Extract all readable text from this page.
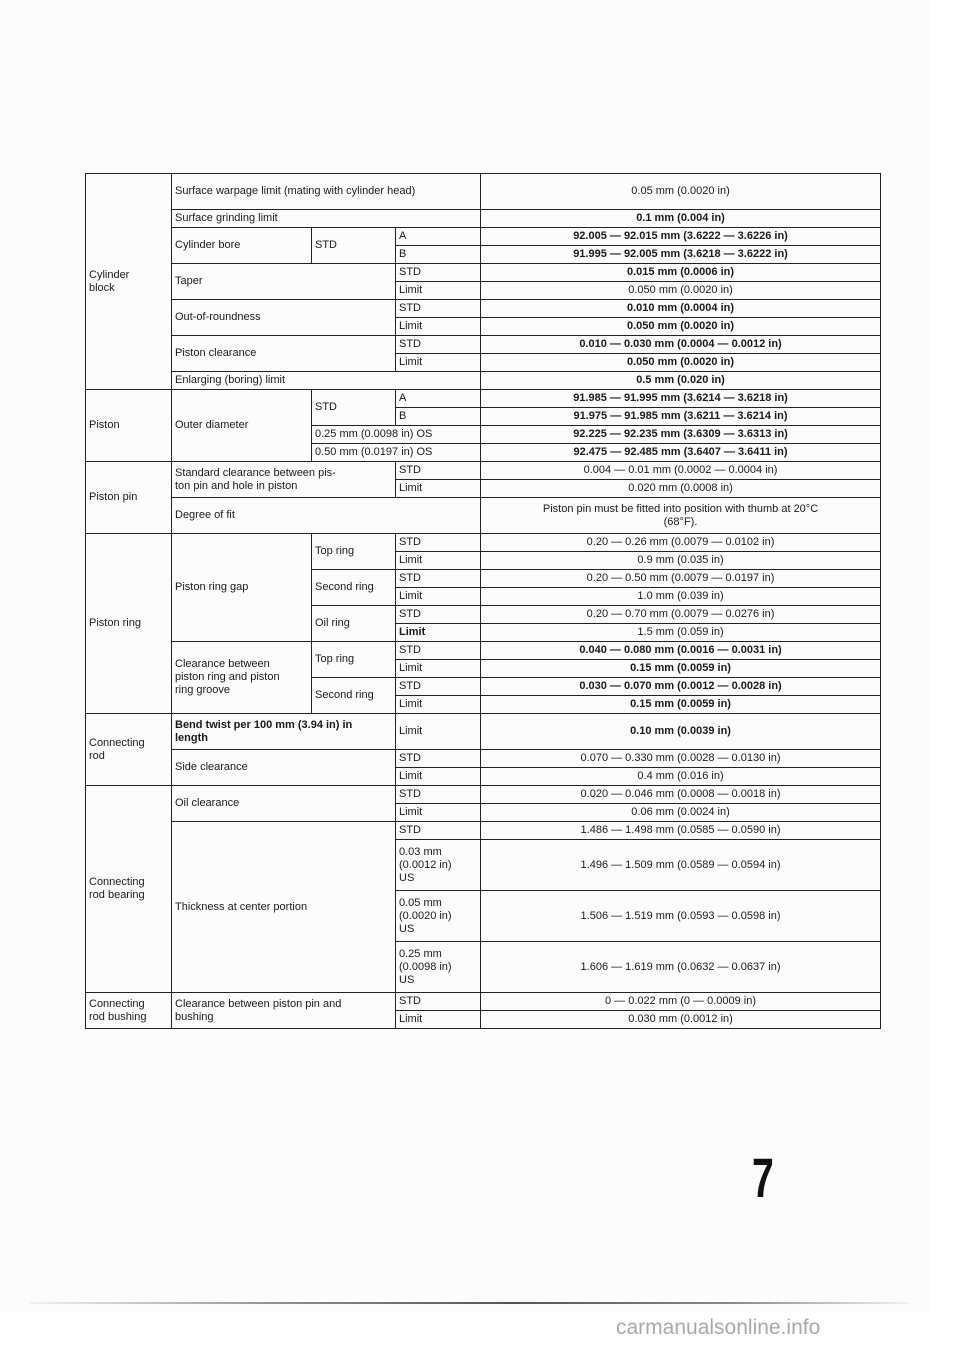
Cylinder
block	Surface warpage limit (mating with cylinder head)			0.05 mm (0.0020 in)
	Surface grinding limit			0.1 mm (0.004 in)
	Cylinder bore	STD	A	92.005 — 92.015 mm (3.6222 — 3.6226 in)
			B	91.995 — 92.005 mm (3.6218 — 3.6222 in)
	Taper		STD	0.015 mm (0.0006 in)
			Limit	0.050 mm (0.0020 in)
	Out-of-roundness		STD	0.010 mm (0.0004 in)
			Limit	0.050 mm (0.0020 in)
	Piston clearance		STD	0.010 — 0.030 mm (0.0004 — 0.0012 in)
			Limit	0.050 mm (0.0020 in)
	Enlarging (boring) limit			0.5 mm (0.020 in)

Piston	Outer diameter	STD	A	91.985 — 91.995 mm (3.6214 — 3.6218 in)
			B	91.975 — 91.985 mm (3.6211 — 3.6214 in)
		0.25 mm (0.0098 in) OS		92.225 — 92.235 mm (3.6309 — 3.6313 in)
		0.50 mm (0.0197 in) OS		92.475 — 92.485 mm (3.6407 — 3.6411 in)
Piston pin	Standard clearance between pis-
ton pin and hole in piston		STD	0.004 — 0.01 mm (0.0002 — 0.0004 in)
			Limit	0.020 mm (0.0008 in)
	Degree of fit			Piston pin must be fitted into position with thumb at 20°C
(68°F).
Piston ring	Piston ring gap	Top ring	STD	0.20 — 0.26 mm (0.0079 — 0.0102 in)
			Limit	0.9 mm (0.035 in)
		Second ring	STD	0.20 — 0.50 mm (0.0079 — 0.0197 in)
			Limit	1.0 mm (0.039 in)
		Oil ring	STD	0.20 — 0.70 mm (0.0079 — 0.0276 in)
			Limit	1.5 mm (0.059 in)
	Clearance between
piston ring and piston
ring groove	Top ring	STD	0.040 — 0.080 mm (0.0016 — 0.0031 in)
			Limit	0.15 mm (0.0059 in)
		Second ring	STD	0.030 — 0.070 mm (0.0012 — 0.0028 in)
			Limit	0.15 mm (0.0059 in)
Connecting
rod	Bend twist per 100 mm (3.94 in) in
length		Limit	0.10 mm (0.0039 in)
	Side clearance		STD	0.070 — 0.330 mm (0.0028 — 0.0130 in)
			Limit	0.4 mm (0.016 in)
Connecting
rod bearing	Oil clearance		STD	0.020 — 0.046 mm (0.0008 — 0.0018 in)
			Limit	0.06 mm (0.0024 in)
	Thickness at center portion		STD	1.486 — 1.498 mm (0.0585 — 0.0590 in)
			0.03 mm
(0.0012 in)
US	1.496 — 1.509 mm (0.0589 — 0.0594 in)
			0.05 mm
(0.0020 in)
US	1.506 — 1.519 mm (0.0593 — 0.0598 in)
			0.25 mm
(0.0098 in)
US	1.606 — 1.619 mm (0.0632 — 0.0637 in)
Connecting
rod bushing	Clearance between piston pin and
bushing		STD	0 — 0.022 mm (0 — 0.0009 in)
			Limit	0.030 mm (0.0012 in)
7
carmanualsonline.info
